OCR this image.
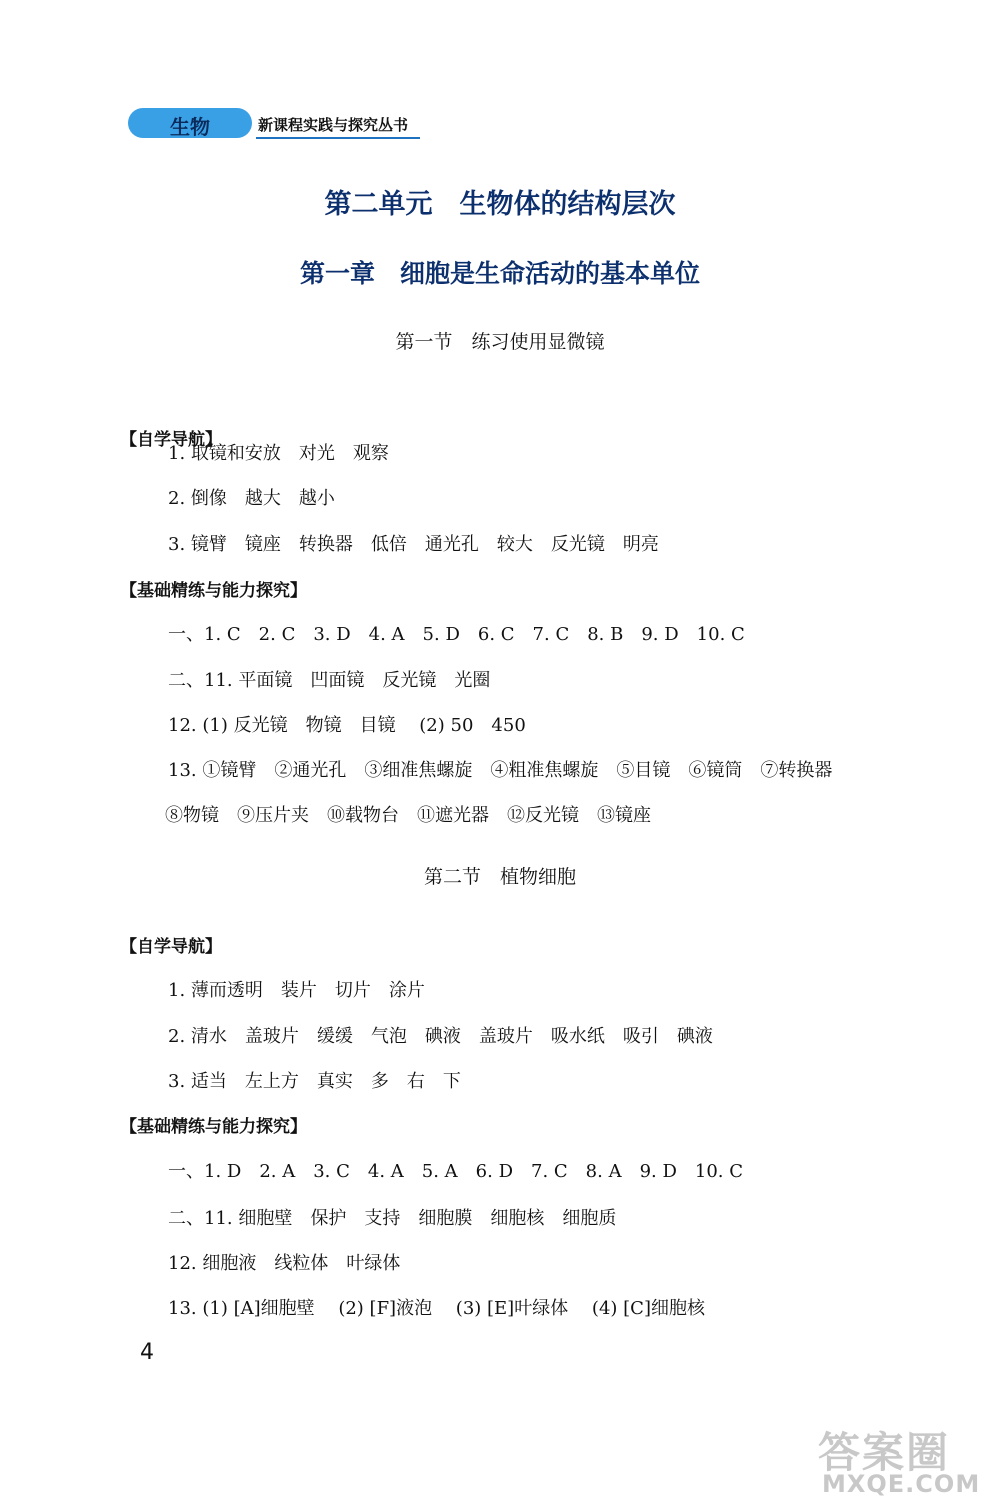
生物	新课程实践与探究丛书
第二单元　生物体的结构层次
第一章　细胞是生命活动的基本单位
第一节　练习使用显微镜
【自学导航】
1. 取镜和安放　对光　观察
2. 倒像　越大　越小
3. 镜臂　镜座　转换器　低倍　通光孔　较大　反光镜　明亮
【基础精练与能力探究】
一、1. C　2. C　3. D　4. A　5. D　6. C　7. C　8. B　9. D　10. C
二、11. 平面镜　凹面镜　反光镜　光圈
12. (1) 反光镜　物镜　目镜　 (2) 50　450
13. ①镜臂　②通光孔　③细准焦螺旋　④粗准焦螺旋　⑤目镜　⑥镜筒　⑦转换器
⑧物镜　⑨压片夹　⑩载物台　⑪遮光器　⑫反光镜　⑬镜座
第二节　植物细胞
【自学导航】
1. 薄而透明　装片　切片　涂片
2. 清水　盖玻片　缓缓　气泡　碘液　盖玻片　吸水纸　吸引　碘液
3. 适当　左上方　真实　多　右　下
【基础精练与能力探究】
一、1. D　2. A　3. C　4. A　5. A　6. D　7. C　8. A　9. D　10. C
二、11. 细胞壁　保护　支持　细胞膜　细胞核　细胞质
12. 细胞液　线粒体　叶绿体
13. (1) [A]细胞壁　 (2) [F]液泡　 (3) [E]叶绿体　 (4) [C]细胞核
4
答案圈
MXQE.COM
